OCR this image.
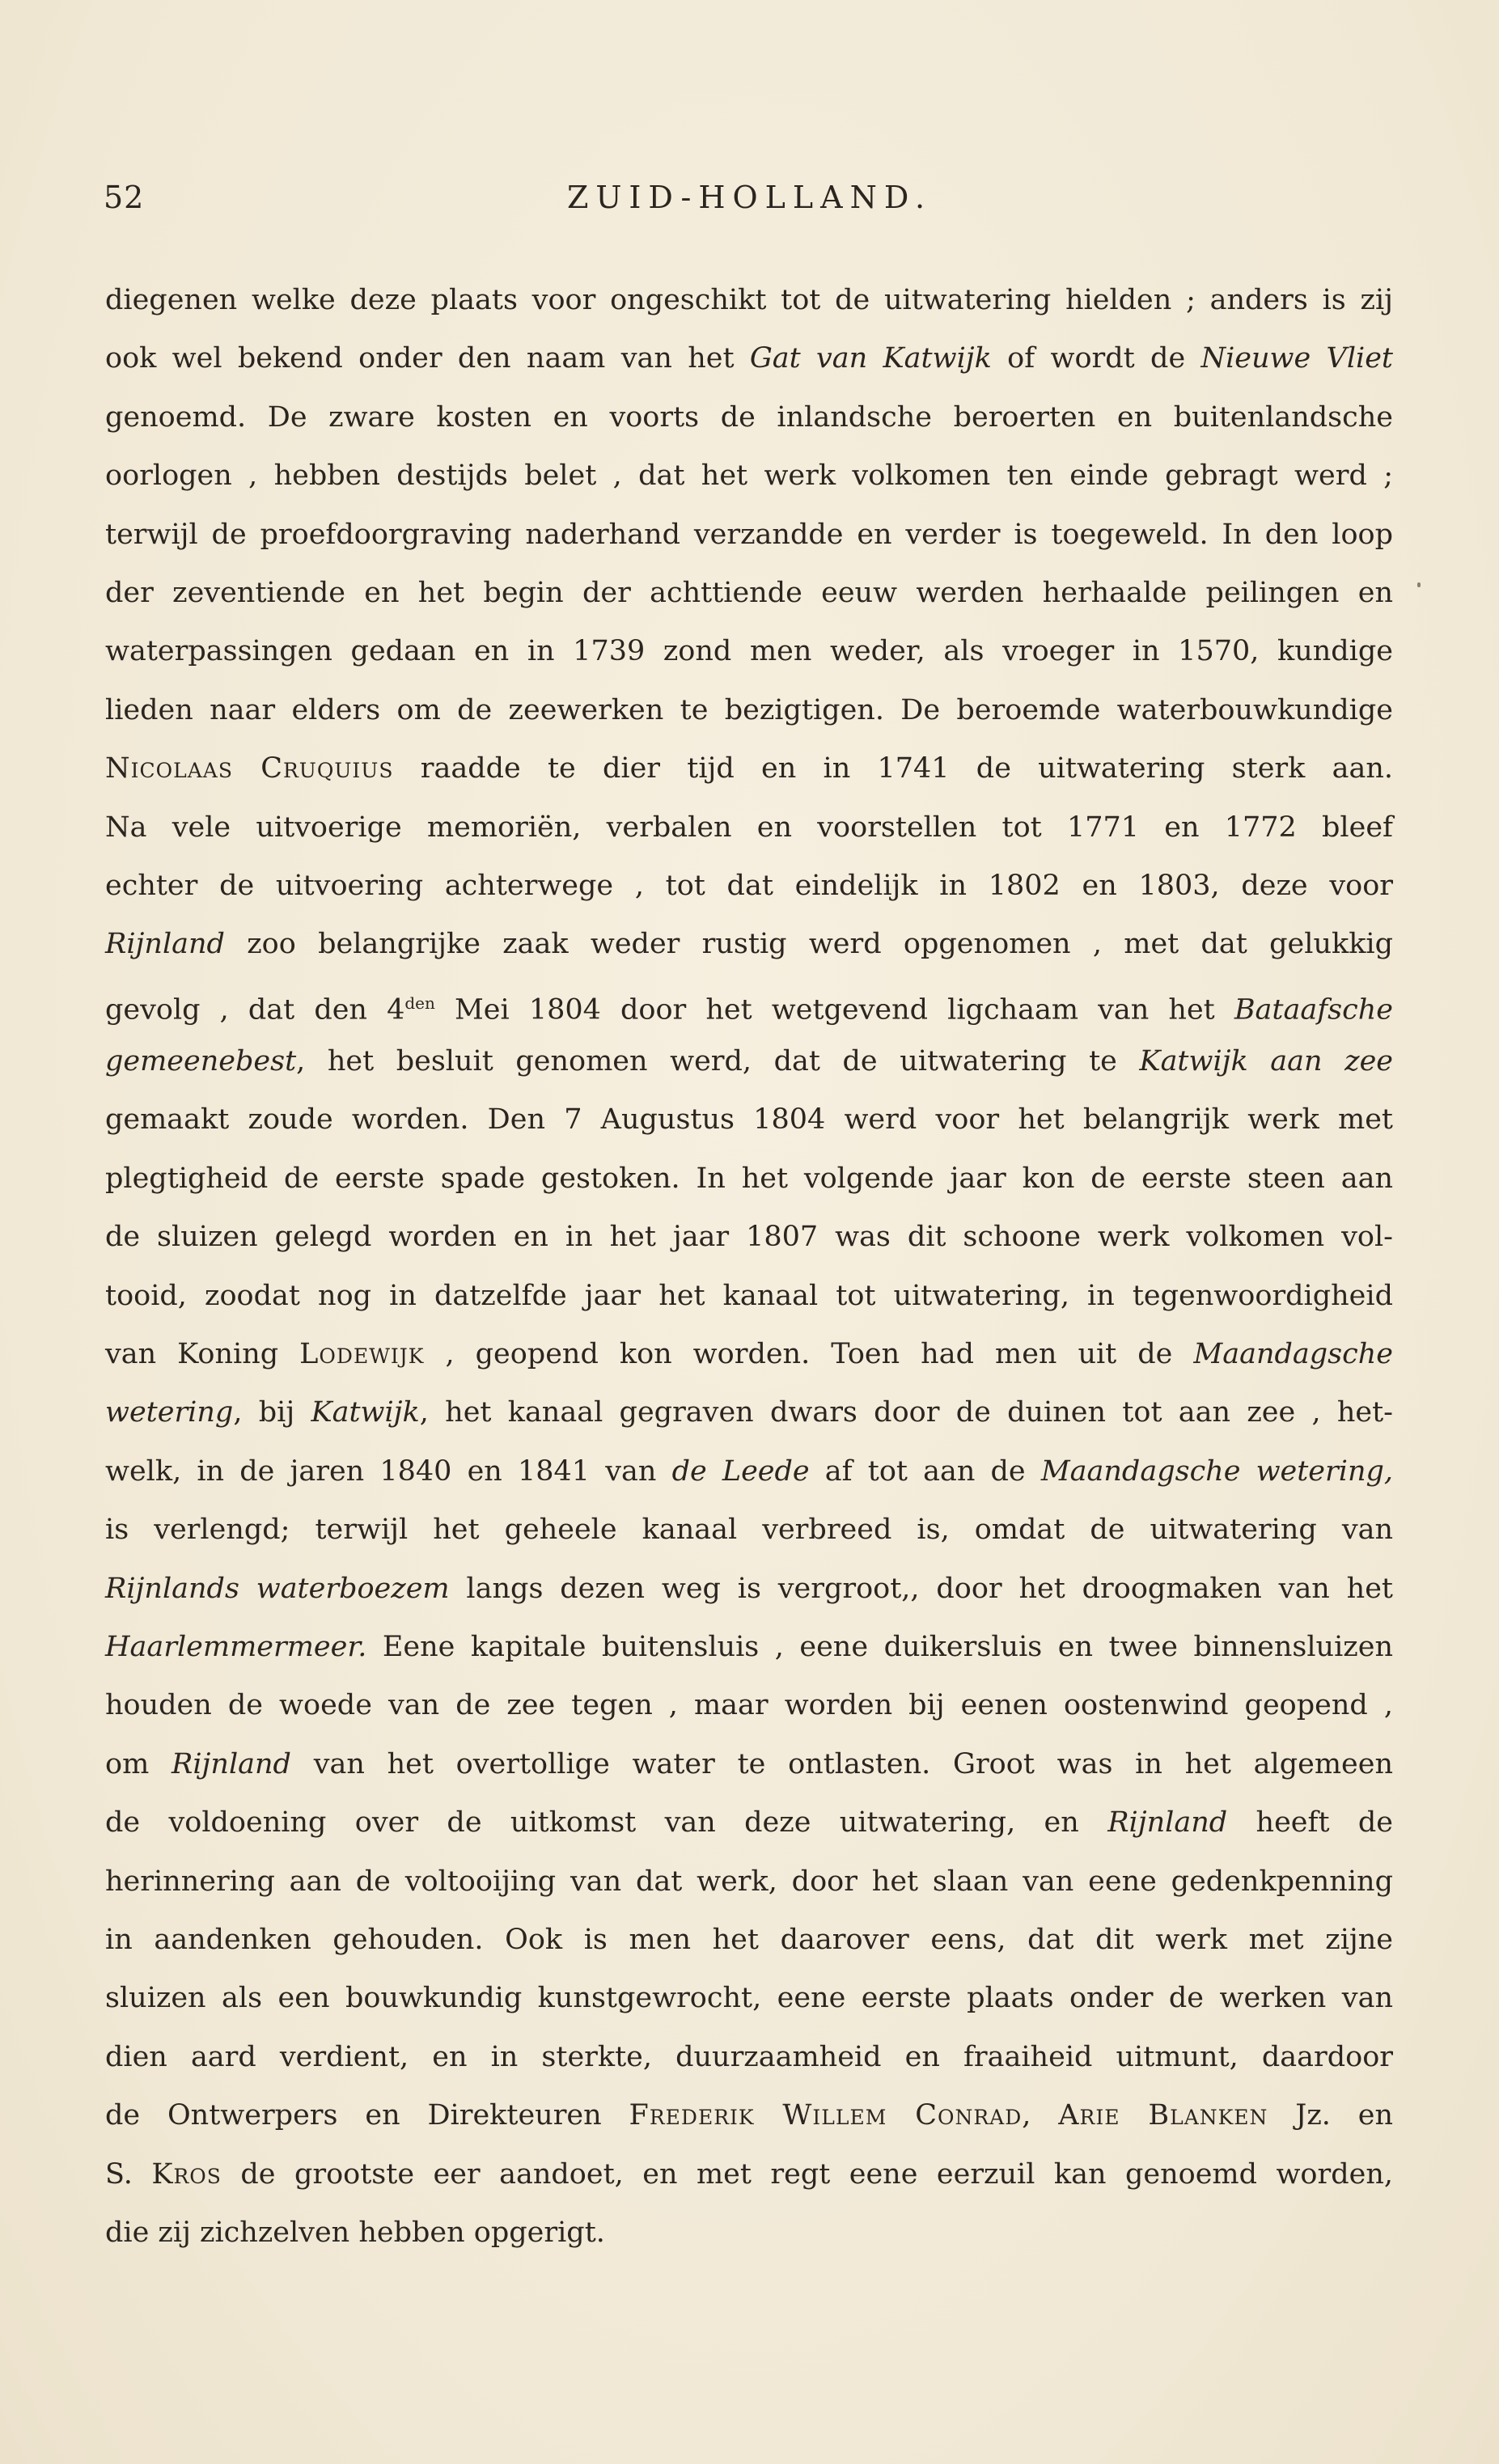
52	ZUID-HOLLAND.
diegenen welke deze plaats voor ongeschikt tot de uitwatering hielden ; anders is zij
ook wel bekend onder den naam van het Gat van Katwijk of wordt de Nieuwe Vliet
genoemd. De zware kosten en voorts de inlandsche beroerten en buitenlandsche
oorlogen , hebben destijds belet , dat het werk volkomen ten einde gebragt werd ;
terwijl de proefdoorgraving naderhand verzandde en verder is toegeweld. In den loop
der zeventiende en het begin der achttiende eeuw werden herhaalde peilingen en
waterpassingen gedaan en in 1739 zond men weder, als vroeger in 1570, kundige
lieden naar elders om de zeewerken te bezigtigen. De beroemde waterbouwkundige
Nicolaas Cruquius raadde te dier tijd en in 1741 de uitwatering sterk aan.
Na vele uitvoerige memoriën, verbalen en voorstellen tot 1771 en 1772 bleef
echter de uitvoering achterwege , tot dat eindelijk in 1802 en 1803, deze voor
Rijnland zoo belangrijke zaak weder rustig werd opgenomen , met dat gelukkig
gevolg , dat den $4^{den}$ Mei 1804 door het wetgevend ligchaam van het Bataafsche
gemeenebest, het besluit genomen werd, dat de uitwatering te Katwijk aan zee
gemaakt zoude worden. Den 7 Augustus 1804 werd voor het belangrijk werk met
plegtigheid de eerste spade gestoken. In het volgende jaar kon de eerste steen aan
de sluizen gelegd worden en in het jaar 1807 was dit schoone werk volkomen vol-
tooid, zoodat nog in datzelfde jaar het kanaal tot uitwatering, in tegenwoordigheid
van Koning Lodewijk , geopend kon worden. Toen had men uit de Maandagsche
wetering, bij Katwijk, het kanaal gegraven dwars door de duinen tot aan zee , het-
welk, in de jaren 1840 en 1841 van de Leede af tot aan de Maandagsche wetering,
is verlengd; terwijl het geheele kanaal verbreed is, omdat de uitwatering van
Rijnlands waterboezem langs dezen weg is vergroot,, door het droogmaken van het
Haarlemmermeer. Eene kapitale buitensluis , eene duikersluis en twee binnensluizen
houden de woede van de zee tegen , maar worden bij eenen oostenwind geopend ,
om Rijnland van het overtollige water te ontlasten. Groot was in het algemeen
de voldoening over de uitkomst van deze uitwatering, en Rijnland heeft de
herinnering aan de voltooijing van dat werk, door het slaan van eene gedenkpenning
in aandenken gehouden. Ook is men het daarover eens, dat dit werk met zijne
sluizen als een bouwkundig kunstgewrocht, eene eerste plaats onder de werken van
dien aard verdient, en in sterkte, duurzaamheid en fraaiheid uitmunt, daardoor
de Ontwerpers en Direkteuren Frederik Willem Conrad, Arie Blanken Jz. en
S. Kros de grootste eer aandoet, en met regt eene eerzuil kan genoemd worden,
die zij zichzelven hebben opgerigt.
